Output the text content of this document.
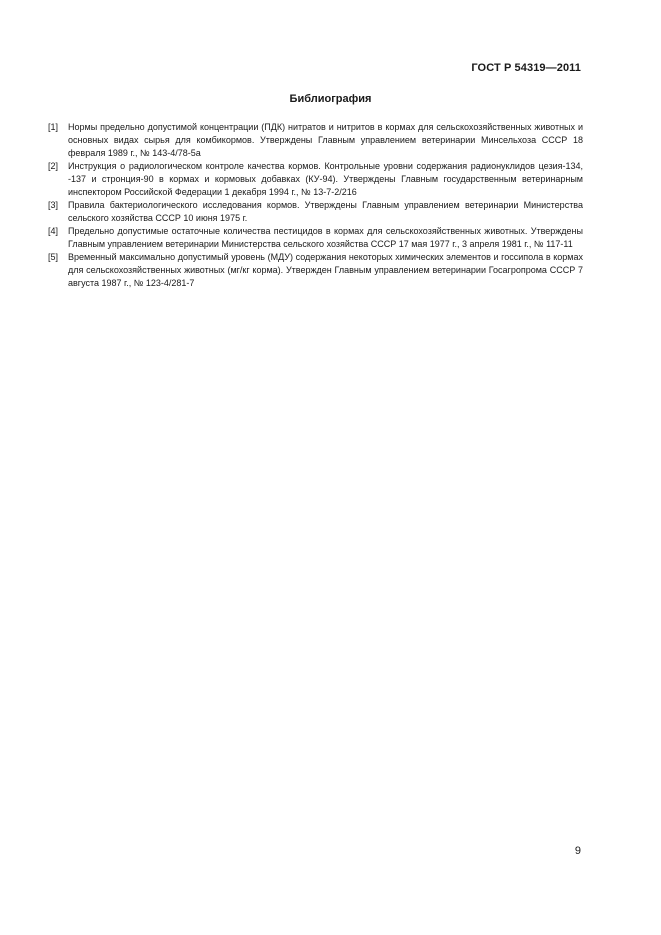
ГОСТ Р 54319—2011
Библиография
[1]	Нормы предельно допустимой концентрации (ПДК) нитратов и нитритов в кормах для сельскохозяйственных животных и основных видах сырья для комбикормов. Утверждены Главным управлением ветеринарии Минсельхоза СССР 18 февраля 1989 г., № 143-4/78-5а
[2]	Инструкция о радиологическом контроле качества кормов. Контрольные уровни содержания радионуклидов цезия-134, -137 и стронция-90 в кормах и кормовых добавках (КУ-94). Утверждены Главным государственным ветеринарным инспектором Российской Федерации 1 декабря 1994 г., № 13-7-2/216
[3]	Правила бактериологического исследования кормов. Утверждены Главным управлением ветеринарии Министерства сельского хозяйства СССР 10 июня 1975 г.
[4]	Предельно допустимые остаточные количества пестицидов в кормах для сельскохозяйственных животных. Утверждены Главным управлением ветеринарии Министерства сельского хозяйства СССР 17 мая 1977 г., 3 апреля 1981 г., № 117-11
[5]	Временный максимально допустимый уровень (МДУ) содержания некоторых химических элементов и госсипола в кормах для сельскохозяйственных животных (мг/кг корма). Утвержден Главным управлением ветеринарии Госагропрома СССР 7 августа 1987 г., № 123-4/281-7
9
